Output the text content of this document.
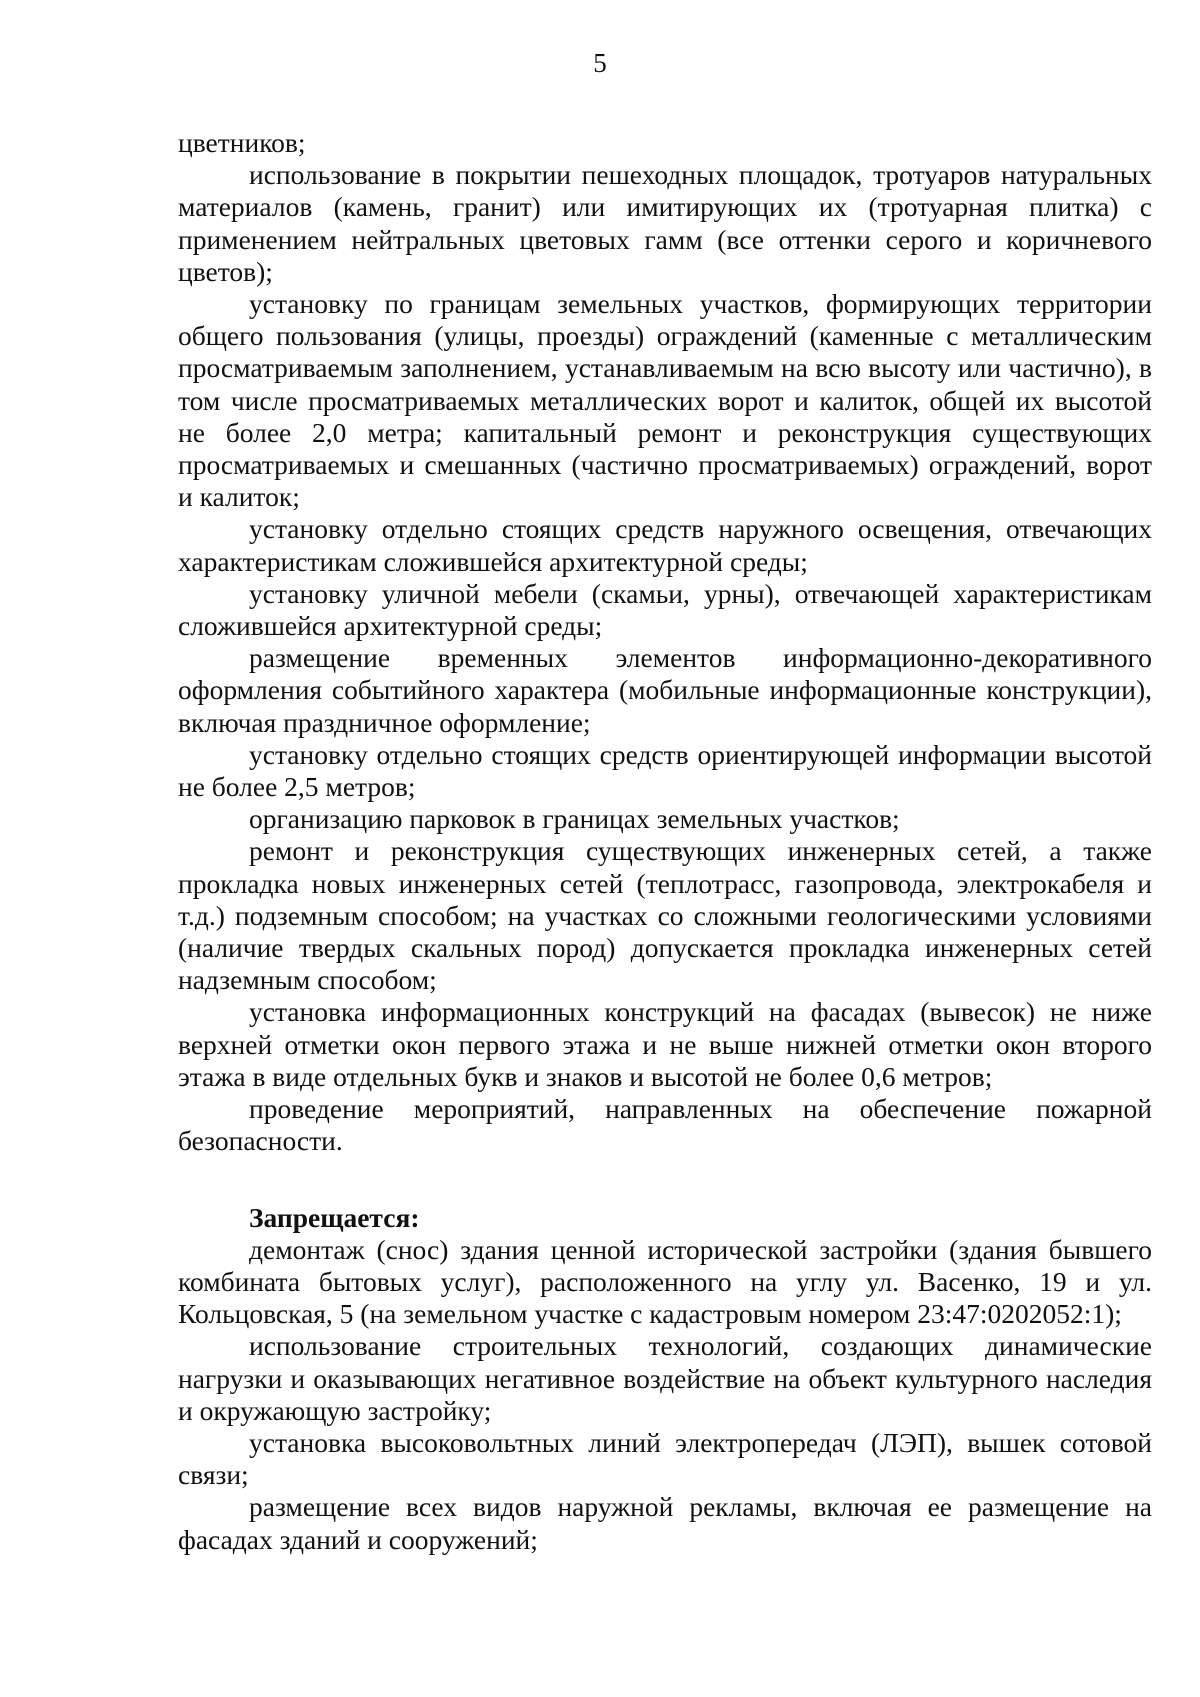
5

цветников;

использование в покрытии пешеходных площадок, тротуаров натуральных материалов (камень, гранит) или имитирующих их (тротуарная плитка) с применением нейтральных цветовых гамм (все оттенки серого и коричневого цветов);

установку по границам земельных участков, формирующих территории общего пользования (улицы, проезды) ограждений (каменные с металлическим просматриваемым заполнением, устанавливаемым на всю высоту или частично), в том числе просматриваемых металлических ворот и калиток, общей их высотой не более 2,0 метра; капитальный ремонт и реконструкция существующих просматриваемых и смешанных (частично просматриваемых) ограждений, ворот и калиток;

установку отдельно стоящих средств наружного освещения, отвечающих характеристикам сложившейся архитектурной среды;

установку уличной мебели (скамьи, урны), отвечающей характеристикам сложившейся архитектурной среды;

размещение временных элементов информационно-декоративного оформления событийного характера (мобильные информационные конструкции), включая праздничное оформление;

установку отдельно стоящих средств ориентирующей информации высотой не более 2,5 метров;

организацию парковок в границах земельных участков;

ремонт и реконструкция существующих инженерных сетей, а также прокладка новых инженерных сетей (теплотрасс, газопровода, электрокабеля и т.д.) подземным способом; на участках со сложными геологическими условиями (наличие твердых скальных пород) допускается прокладка инженерных сетей надземным способом;

установка информационных конструкций на фасадах (вывесок) не ниже верхней отметки окон первого этажа и не выше нижней отметки окон второго этажа в виде отдельных букв и знаков и высотой не более 0,6 метров;

проведение мероприятий, направленных на обеспечение пожарной безопасности.

Запрещается:

демонтаж (снос) здания ценной исторической застройки (здания бывшего комбината бытовых услуг), расположенного на углу ул. Васенко, 19 и ул. Кольцовская, 5 (на земельном участке с кадастровым номером 23:47:0202052:1);

использование строительных технологий, создающих динамические нагрузки и оказывающих негативное воздействие на объект культурного наследия и окружающую застройку;

установка высоковольтных линий электропередач (ЛЭП), вышек сотовой связи;

размещение всех видов наружной рекламы, включая ее размещение на фасадах зданий и сооружений;
